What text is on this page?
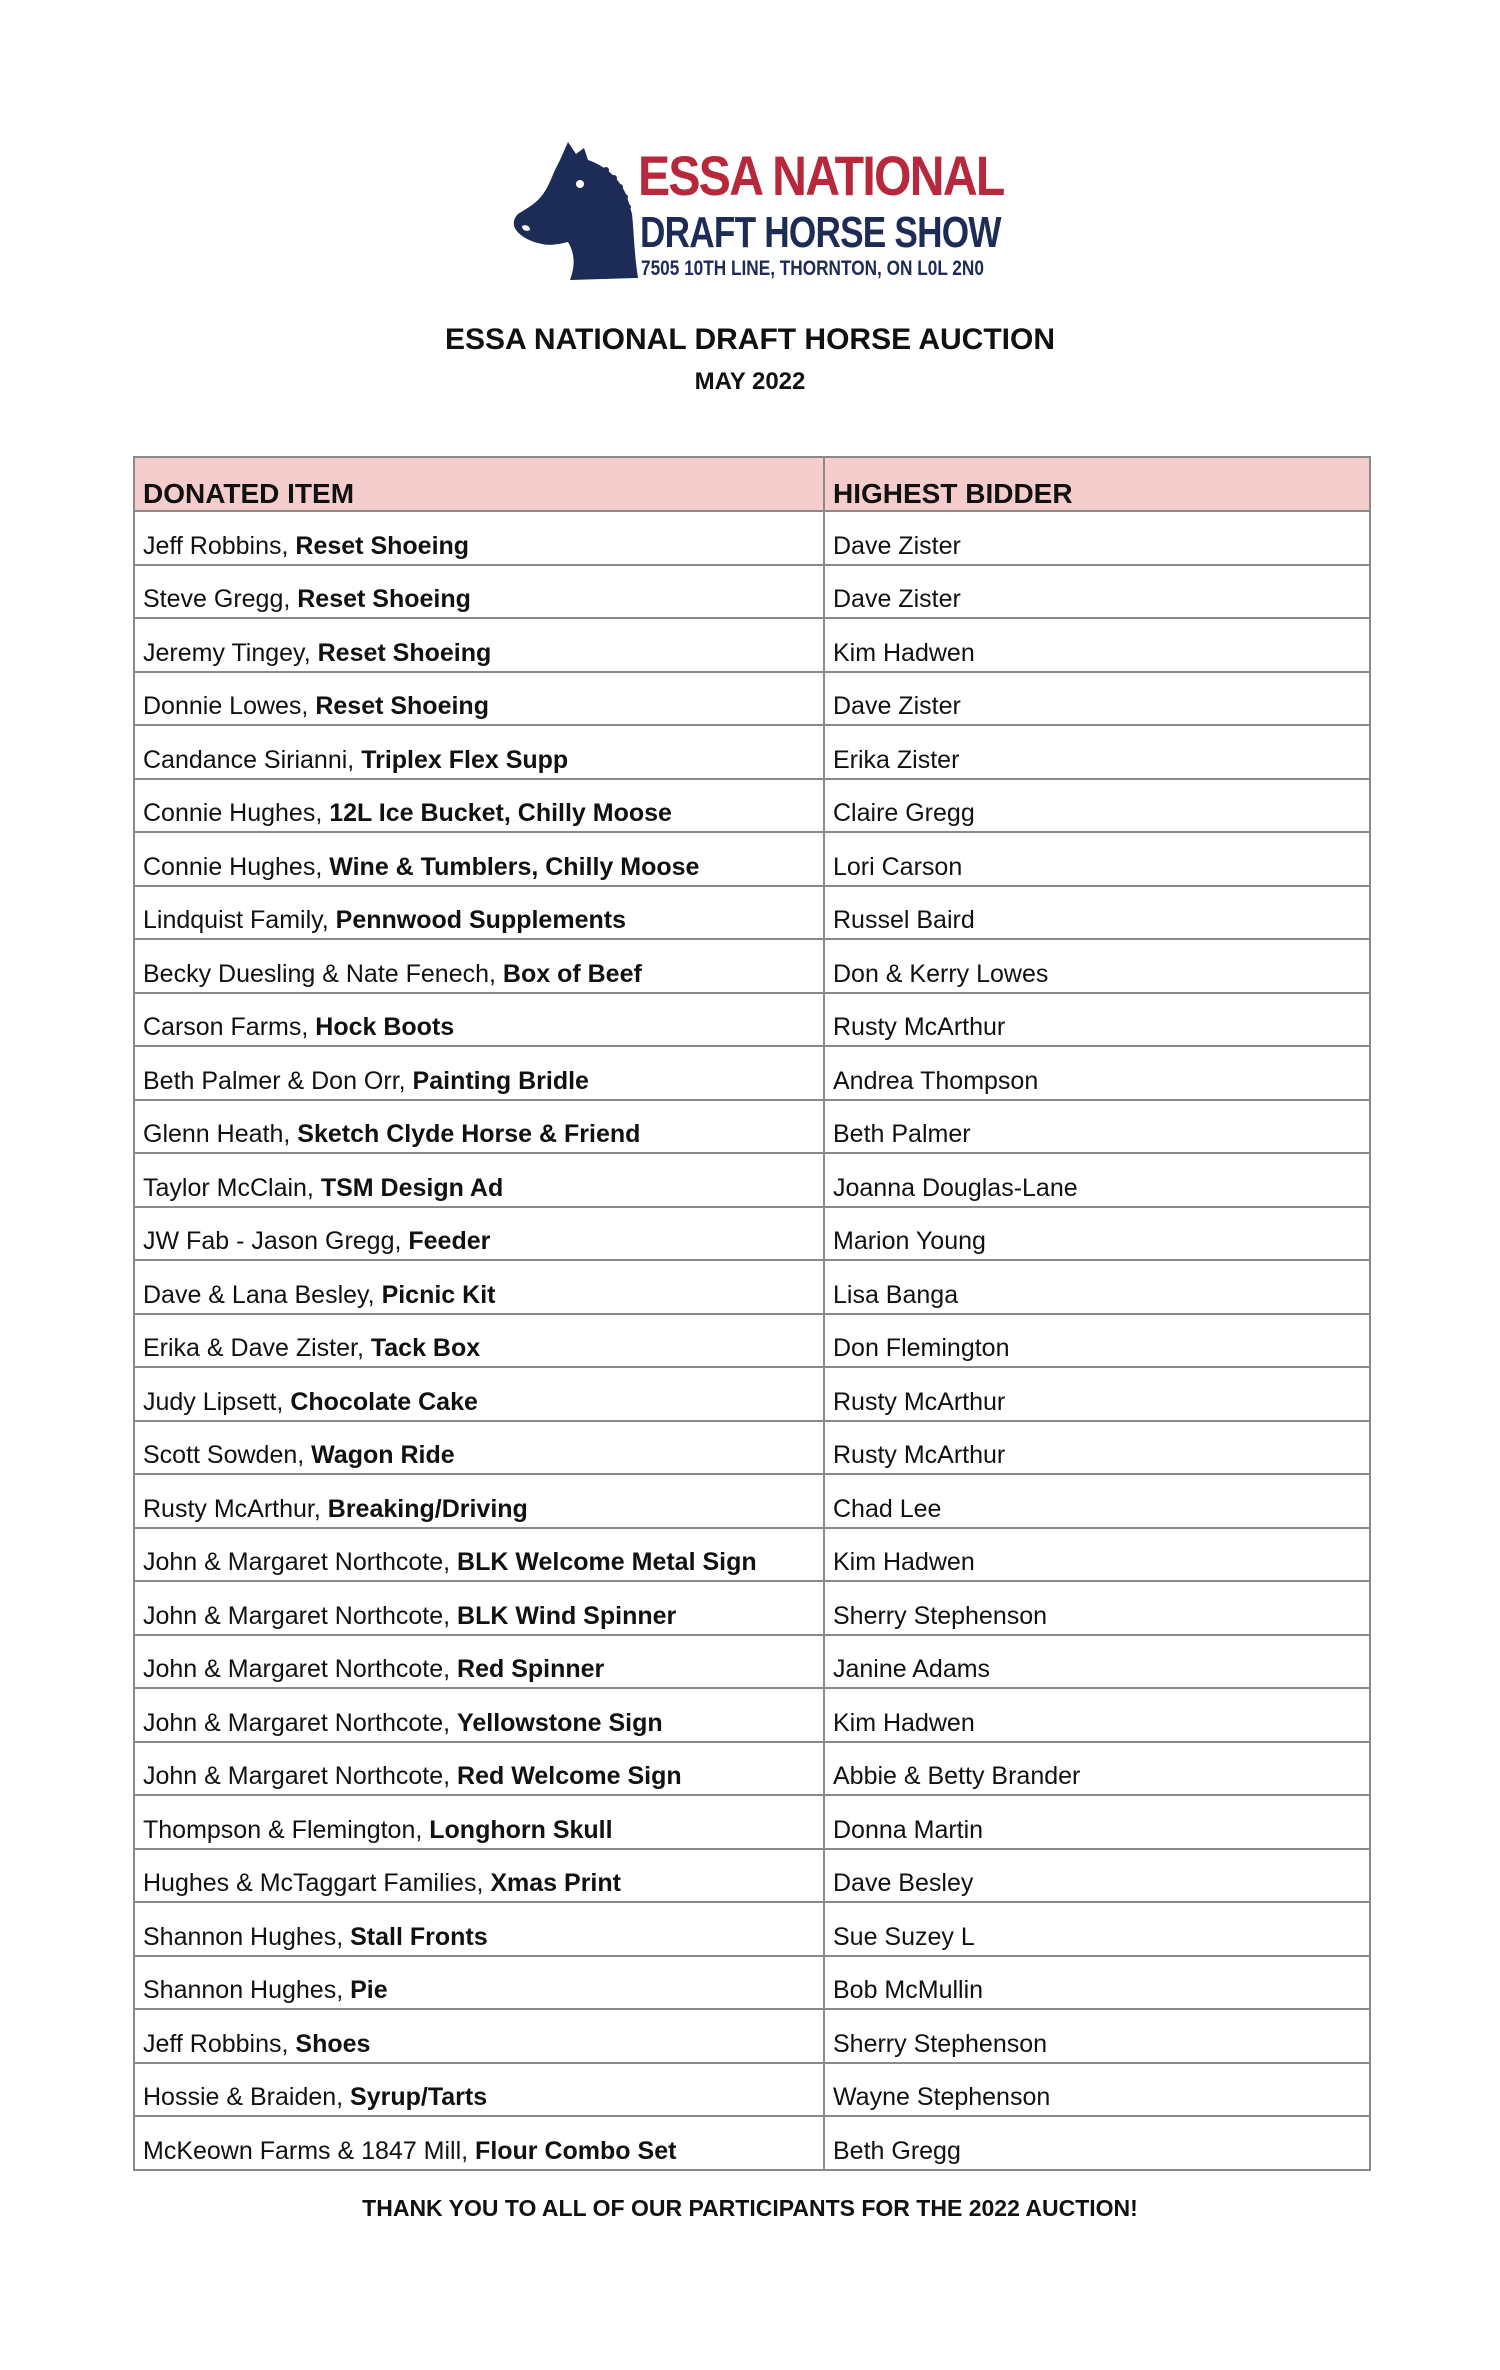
ESSA NATIONAL
DRAFT HORSE SHOW
7505 10TH LINE, THORNTON, ON L0L 2N0
ESSA NATIONAL DRAFT HORSE AUCTION
MAY 2022
DONATED ITEM	HIGHEST BIDDER
Jeff Robbins, Reset Shoeing	Dave Zister
Steve Gregg, Reset Shoeing	Dave Zister
Jeremy Tingey, Reset Shoeing	Kim Hadwen
Donnie Lowes, Reset Shoeing	Dave Zister
Candance Sirianni, Triplex Flex Supp	Erika Zister
Connie Hughes, 12L Ice Bucket, Chilly Moose	Claire Gregg
Connie Hughes, Wine & Tumblers, Chilly Moose	Lori Carson
Lindquist Family, Pennwood Supplements	Russel Baird
Becky Duesling & Nate Fenech, Box of Beef	Don & Kerry Lowes
Carson Farms, Hock Boots	Rusty McArthur
Beth Palmer & Don Orr, Painting Bridle	Andrea Thompson
Glenn Heath, Sketch Clyde Horse & Friend	Beth Palmer
Taylor McClain, TSM Design Ad	Joanna Douglas-Lane
JW Fab - Jason Gregg, Feeder	Marion Young
Dave & Lana Besley, Picnic Kit	Lisa Banga
Erika & Dave Zister, Tack Box	Don Flemington
Judy Lipsett, Chocolate Cake	Rusty McArthur
Scott Sowden, Wagon Ride	Rusty McArthur
Rusty McArthur, Breaking/Driving	Chad Lee
John & Margaret Northcote, BLK Welcome Metal Sign	Kim Hadwen
John & Margaret Northcote, BLK Wind Spinner	Sherry Stephenson
John & Margaret Northcote, Red Spinner	Janine Adams
John & Margaret Northcote, Yellowstone Sign	Kim Hadwen
John & Margaret Northcote, Red Welcome Sign	Abbie & Betty Brander
Thompson & Flemington, Longhorn Skull	Donna Martin
Hughes & McTaggart Families, Xmas Print	Dave Besley
Shannon Hughes, Stall Fronts	Sue Suzey L
Shannon Hughes, Pie	Bob McMullin
Jeff Robbins, Shoes	Sherry Stephenson
Hossie & Braiden, Syrup/Tarts	Wayne Stephenson
McKeown Farms & 1847 Mill, Flour Combo Set	Beth Gregg
THANK YOU TO ALL OF OUR PARTICIPANTS FOR THE 2022 AUCTION!
